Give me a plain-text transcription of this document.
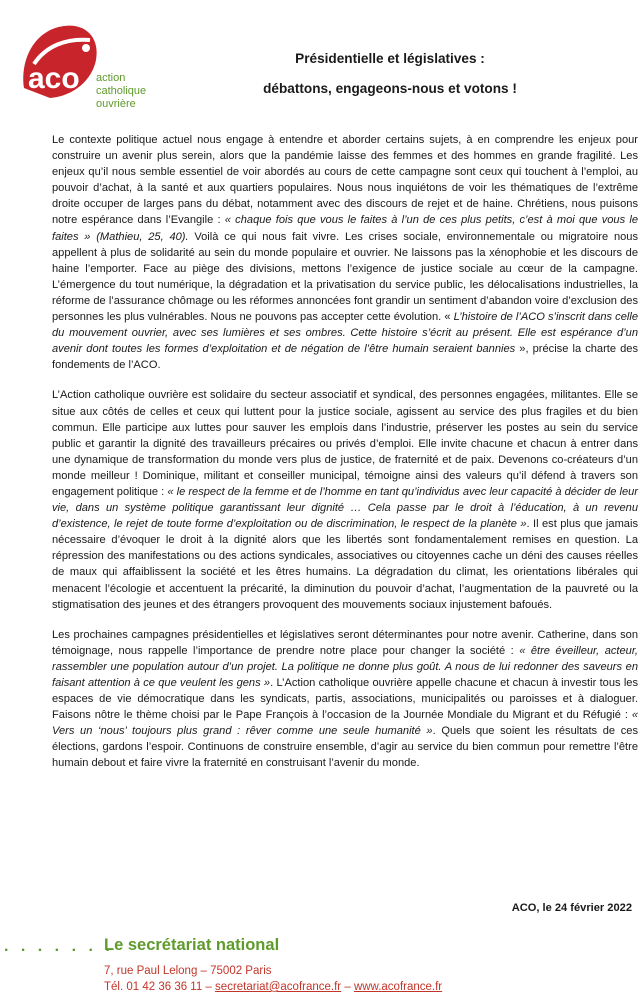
aco action
catholique
ouvrière
Présidentielle et législatives :
débattons, engageons-nous et votons !

Le contexte politique actuel nous engage à entendre et aborder certains sujets, à en comprendre les enjeux pour construire un avenir plus serein, alors que la pandémie laisse des femmes et des hommes en grande fragilité. Les enjeux qu’il nous semble essentiel de voir abordés au cours de cette campagne sont ceux qui touchent à l’emploi, au pouvoir d’achat, à la santé et aux quartiers populaires. Nous nous inquiétons de voir les thématiques de l’extrême droite occuper de larges pans du débat, notamment avec des discours de rejet et de haine. Chrétiens, nous puisons notre espérance dans l’Evangile : « chaque fois que vous le faites à l’un de ces plus petits, c’est à moi que vous le faites » (Mathieu, 25, 40). Voilà ce qui nous fait vivre. Les crises sociale, environnementale ou migratoire nous appellent à plus de solidarité au sein du monde populaire et ouvrier. Ne laissons pas la xénophobie et les discours de haine l’emporter. Face au piège des divisions, mettons l’exigence de justice sociale au cœur de la campagne. L’émergence du tout numérique, la dégradation et la privatisation du service public, les délocalisations industrielles, la réforme de l’assurance chômage ou les réformes annoncées font grandir un sentiment d’abandon voire d’exclusion des personnes les plus vulnérables. Nous ne pouvons pas accepter cette évolution. « L’histoire de l’ACO s’inscrit dans celle du mouvement ouvrier, avec ses lumières et ses ombres. Cette histoire s’écrit au présent. Elle est espérance d’un avenir dont toutes les formes d’exploitation et de négation de l’être humain seraient bannies », précise la charte des fondements de l’ACO.

L’Action catholique ouvrière est solidaire du secteur associatif et syndical, des personnes engagées, militantes. Elle se situe aux côtés de celles et ceux qui luttent pour la justice sociale, agissent au service des plus fragiles et du bien commun. Elle participe aux luttes pour sauver les emplois dans l’industrie, préserver les postes au sein du service public et garantir la dignité des travailleurs précaires ou privés d’emploi. Elle invite chacune et chacun à entrer dans une dynamique de transformation du monde vers plus de justice, de fraternité et de paix. Devenons co-créateurs d’un monde meilleur ! Dominique, militant et conseiller municipal, témoigne ainsi des valeurs qu’il défend à travers son engagement politique : « le respect de la femme et de l’homme en tant qu’individus avec leur capacité à décider de leur vie, dans un système politique garantissant leur dignité … Cela passe par le droit à l’éducation, à un revenu d’existence, le rejet de toute forme d’exploitation ou de discrimination, le respect de la planète ». Il est plus que jamais nécessaire d’évoquer le droit à la dignité alors que les libertés sont fondamentalement remises en question. La répression des manifestations ou des actions syndicales, associatives ou citoyennes cache un déni des causes réelles de maux qui affaiblissent la société et les êtres humains. La dégradation du climat, les orientations libérales qui menacent l’écologie et accentuent la précarité, la diminution du pouvoir d’achat, l’augmentation de la pauvreté ou la stigmatisation des jeunes et des étrangers provoquent des mouvements sociaux injustement bafoués.

Les prochaines campagnes présidentielles et législatives seront déterminantes pour notre avenir. Catherine, dans son témoignage, nous rappelle l’importance de prendre notre place pour changer la société : « être éveilleur, acteur, rassembler une population autour d’un projet. La politique ne donne plus goût. A nous de lui redonner des saveurs en faisant attention à ce que veulent les gens ». L’Action catholique ouvrière appelle chacune et chacun à investir tous les espaces de vie démocratique dans les syndicats, partis, associations, municipalités ou paroisses et à dialoguer. Faisons nôtre le thème choisi par le Pape François à l’occasion de la Journée Mondiale du Migrant et du Réfugié : « Vers un ‘nous’ toujours plus grand : rêver comme une seule humanité ». Quels que soient les résultats de ces élections, gardons l’espoir. Continuons de construire ensemble, d’agir au service du bien commun pour remettre l’être humain debout et faire vivre la fraternité en construisant l’avenir du monde.

ACO, le 24 février 2022
. . . . . . .
Le secrétariat national
7, rue Paul Lelong – 75002 Paris
Tél. 01 42 36 36 11 – secretariat@acofrance.fr – www.acofrance.fr
